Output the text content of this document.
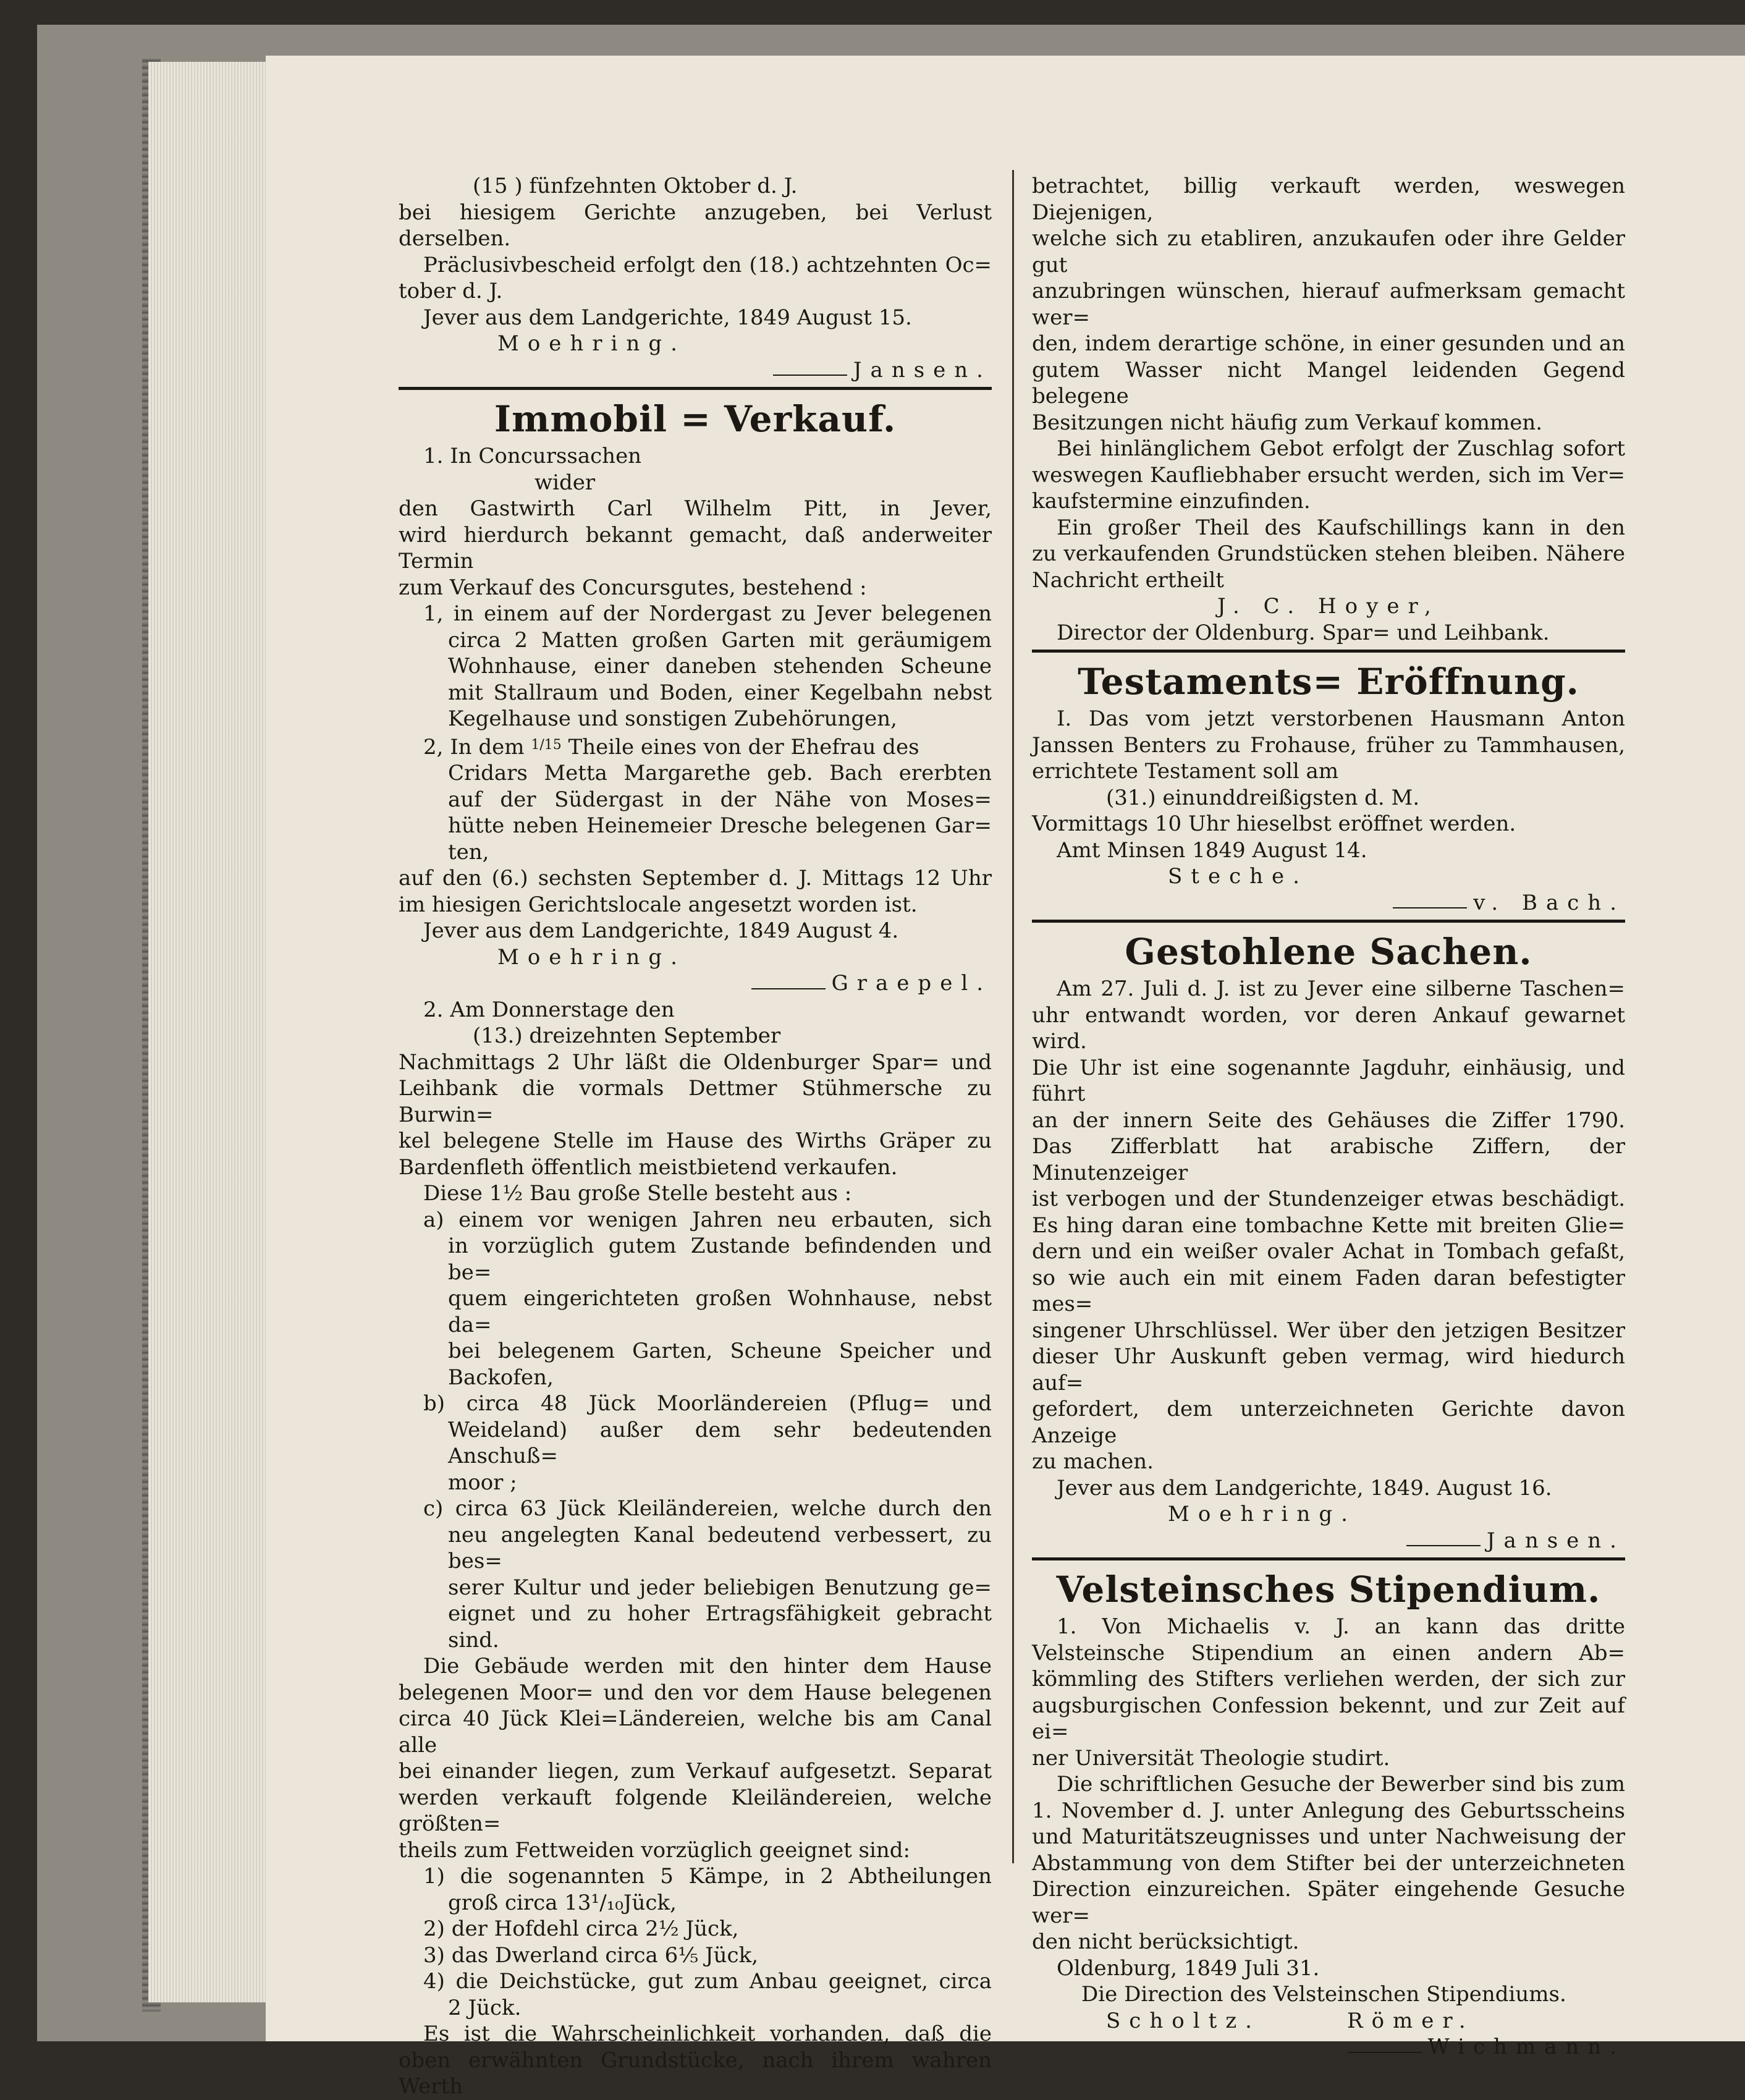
(15 ) fünfzehnten Oktober d. J.
bei hiesigem Gerichte anzugeben, bei Verlust derselben.
Präclusivbescheid erfolgt den (18.) achtzehnten Oc=
tober d. J.
Jever aus dem Landgerichte, 1849 August 15.
Moehring.
Jansen.
Immobil = Verkauf.
1. In Concurssachen
wider
den Gastwirth Carl Wilhelm Pitt, in Jever,
wird hierdurch bekannt gemacht, daß anderweiter Termin
zum Verkauf des Concursgutes, bestehend :
1, in einem auf der Nordergast zu Jever belegenen
circa 2 Matten großen Garten mit geräumigem
Wohnhause, einer daneben stehenden Scheune
mit Stallraum und Boden, einer Kegelbahn nebst
Kegelhause und sonstigen Zubehörungen,
2, In dem $^{1/15}$ Theile eines von der Ehefrau des
Cridars Metta Margarethe geb. Bach ererbten
auf der Südergast in der Nähe von Moses=
hütte neben Heinemeier Dresche belegenen Gar=
ten,
auf den (6.) sechsten September d. J. Mittags 12 Uhr
im hiesigen Gerichtslocale angesetzt worden ist.
Jever aus dem Landgerichte, 1849 August 4.
Moehring.
Graepel.
2. Am Donnerstage den
(13.) dreizehnten September
Nachmittags 2 Uhr läßt die Oldenburger Spar= und
Leihbank die vormals Dettmer Stühmersche zu Burwin=
kel belegene Stelle im Hause des Wirths Gräper zu
Bardenfleth öffentlich meistbietend verkaufen.
Diese 1½ Bau große Stelle besteht aus :
a) einem vor wenigen Jahren neu erbauten, sich
in vorzüglich gutem Zustande befindenden und be=
quem eingerichteten großen Wohnhause, nebst da=
bei belegenem Garten, Scheune Speicher und
Backofen,
b) circa 48 Jück Moorländereien (Pflug= und
Weideland) außer dem sehr bedeutenden Anschuß=
moor ;
c) circa 63 Jück Kleiländereien, welche durch den
neu angelegten Kanal bedeutend verbessert, zu bes=
serer Kultur und jeder beliebigen Benutzung ge=
eignet und zu hoher Ertragsfähigkeit gebracht
sind.
Die Gebäude werden mit den hinter dem Hause
belegenen Moor= und den vor dem Hause belegenen
circa 40 Jück Klei=Ländereien, welche bis am Canal alle
bei einander liegen, zum Verkauf aufgesetzt. Separat
werden verkauft folgende Kleiländereien, welche größten=
theils zum Fettweiden vorzüglich geeignet sind:
1) die sogenannten 5 Kämpe, in 2 Abtheilungen
groß circa 13¹/₁₀Jück,
2) der Hofdehl circa 2½ Jück,
3) das Dwerland circa 6⅕ Jück,
4) die Deichstücke, gut zum Anbau geeignet, circa
2 Jück.
Es ist die Wahrscheinlichkeit vorhanden, daß die
oben erwähnten Grundstücke, nach ihrem wahren Werth
betrachtet, billig verkauft werden, weswegen Diejenigen,
welche sich zu etabliren, anzukaufen oder ihre Gelder gut
anzubringen wünschen, hierauf aufmerksam gemacht wer=
den, indem derartige schöne, in einer gesunden und an
gutem Wasser nicht Mangel leidenden Gegend belegene
Besitzungen nicht häufig zum Verkauf kommen.
Bei hinlänglichem Gebot erfolgt der Zuschlag sofort
weswegen Kaufliebhaber ersucht werden, sich im Ver=
kaufstermine einzufinden.
Ein großer Theil des Kaufschillings kann in den
zu verkaufenden Grundstücken stehen bleiben. Nähere
Nachricht ertheilt
J. C. Hoyer,
Director der Oldenburg. Spar= und Leihbank.
Testaments= Eröffnung.
I. Das vom jetzt verstorbenen Hausmann Anton
Janssen Benters zu Frohause, früher zu Tammhausen,
errichtete Testament soll am
(31.) einunddreißigsten d. M.
Vormittags 10 Uhr hieselbst eröffnet werden.
Amt Minsen 1849 August 14.
Steche.
v. Bach.
Gestohlene Sachen.
Am 27. Juli d. J. ist zu Jever eine silberne Taschen=
uhr entwandt worden, vor deren Ankauf gewarnet wird.
Die Uhr ist eine sogenannte Jagduhr, einhäusig, und führt
an der innern Seite des Gehäuses die Ziffer 1790.
Das Zifferblatt hat arabische Ziffern, der Minutenzeiger
ist verbogen und der Stundenzeiger etwas beschädigt.
Es hing daran eine tombachne Kette mit breiten Glie=
dern und ein weißer ovaler Achat in Tombach gefaßt,
so wie auch ein mit einem Faden daran befestigter mes=
singener Uhrschlüssel. Wer über den jetzigen Besitzer
dieser Uhr Auskunft geben vermag, wird hiedurch auf=
gefordert, dem unterzeichneten Gerichte davon Anzeige
zu machen.
Jever aus dem Landgerichte, 1849. August 16.
Moehring.
Jansen.
Velsteinsches Stipendium.
1. Von Michaelis v. J. an kann das dritte
Velsteinsche Stipendium an einen andern Ab=
kömmling des Stifters verliehen werden, der sich zur
augsburgischen Confession bekennt, und zur Zeit auf ei=
ner Universität Theologie studirt.
Die schriftlichen Gesuche der Bewerber sind bis zum
1. November d. J. unter Anlegung des Geburtsscheins
und Maturitätszeugnisses und unter Nachweisung der
Abstammung von dem Stifter bei der unterzeichneten
Direction einzureichen. Später eingehende Gesuche wer=
den nicht berücksichtigt.
Oldenburg, 1849 Juli 31.
Die Direction des Velsteinschen Stipendiums.
Scholtz.	Römer.
Wichmann.
